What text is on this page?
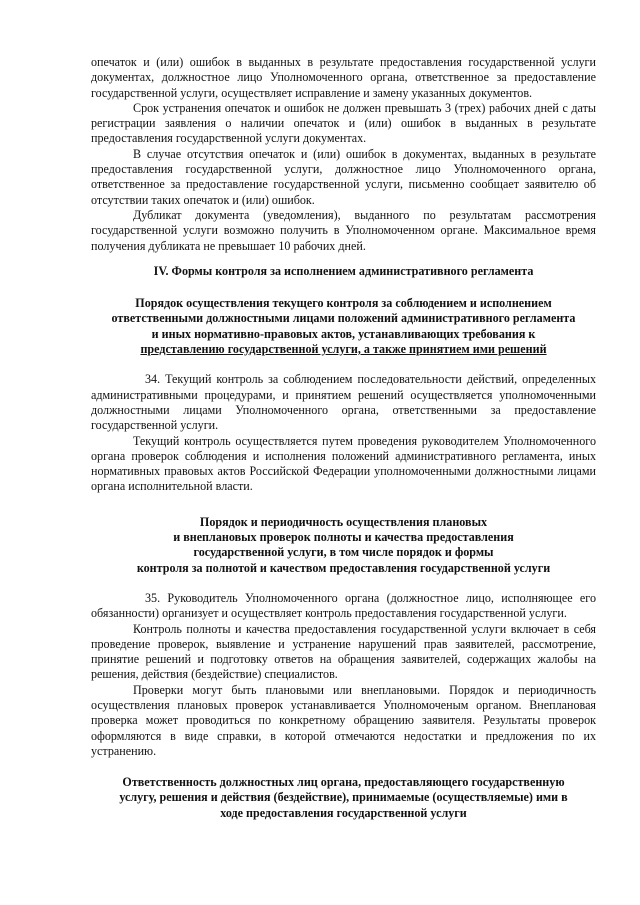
опечаток и (или) ошибок в выданных в результате предоставления государственной услуги документах, должностное лицо Уполномоченного органа, ответственное за предоставление государственной услуги, осуществляет исправление и замену указанных документов.

Срок устранения опечаток и ошибок не должен превышать 3 (трех) рабочих дней с даты регистрации заявления о наличии опечаток и (или) ошибок в выданных в результате предоставления государственной услуги документах.

В случае отсутствия опечаток и (или) ошибок в документах, выданных в результате предоставления государственной услуги, должностное лицо Уполномоченного органа, ответственное за предоставление государственной услуги, письменно сообщает заявителю об отсутствии таких опечаток и (или) ошибок.

Дубликат документа (уведомления), выданного по результатам рассмотрения государственной услуги возможно получить в Уполномоченном органе. Максимальное время получения дубликата не превышает 10 рабочих дней.

IV. Формы контроля за исполнением административного регламента
Порядок осуществления текущего контроля за соблюдением и исполнением
ответственными должностными лицами положений административного регламента
и иных нормативно-правовых актов, устанавливающих требования к
представлению государственной услуги, а также принятием ими решений

34. Текущий контроль за соблюдением последовательности действий, определенных административными процедурами, и принятием решений осуществляется уполномоченными должностными лицами Уполномоченного органа, ответственными за предоставление государственной услуги.

Текущий контроль осуществляется путем проведения руководителем Уполномоченного органа проверок соблюдения и исполнения положений административного регламента, иных нормативных правовых актов Российской Федерации уполномоченными должностными лицами органа исполнительной власти.

Порядок и периодичность осуществления плановых
и внеплановых проверок полноты и качества предоставления
государственной услуги, в том числе порядок и формы
контроля за полнотой и качеством предоставления государственной услуги

35. Руководитель Уполномоченного органа (должностное лицо, исполняющее его обязанности) организует и осуществляет контроль предоставления государственной услуги.

Контроль полноты и качества предоставления государственной услуги включает в себя проведение проверок, выявление и устранение нарушений прав заявителей, рассмотрение, принятие решений и подготовку ответов на обращения заявителей, содержащих жалобы на решения, действия (бездействие) специалистов.

Проверки могут быть плановыми или внеплановыми. Порядок и периодичность осуществления плановых проверок устанавливается Уполномоченым органом. Внеплановая проверка может проводиться по конкретному обращению заявителя. Результаты проверок оформляются в виде справки, в которой отмечаются недостатки и предложения по их устранению.

Ответственность должностных лиц органа, предоставляющего государственную
услугу, решения и действия (бездействие), принимаемые (осуществляемые) ими в
ходе предоставления государственной услуги
